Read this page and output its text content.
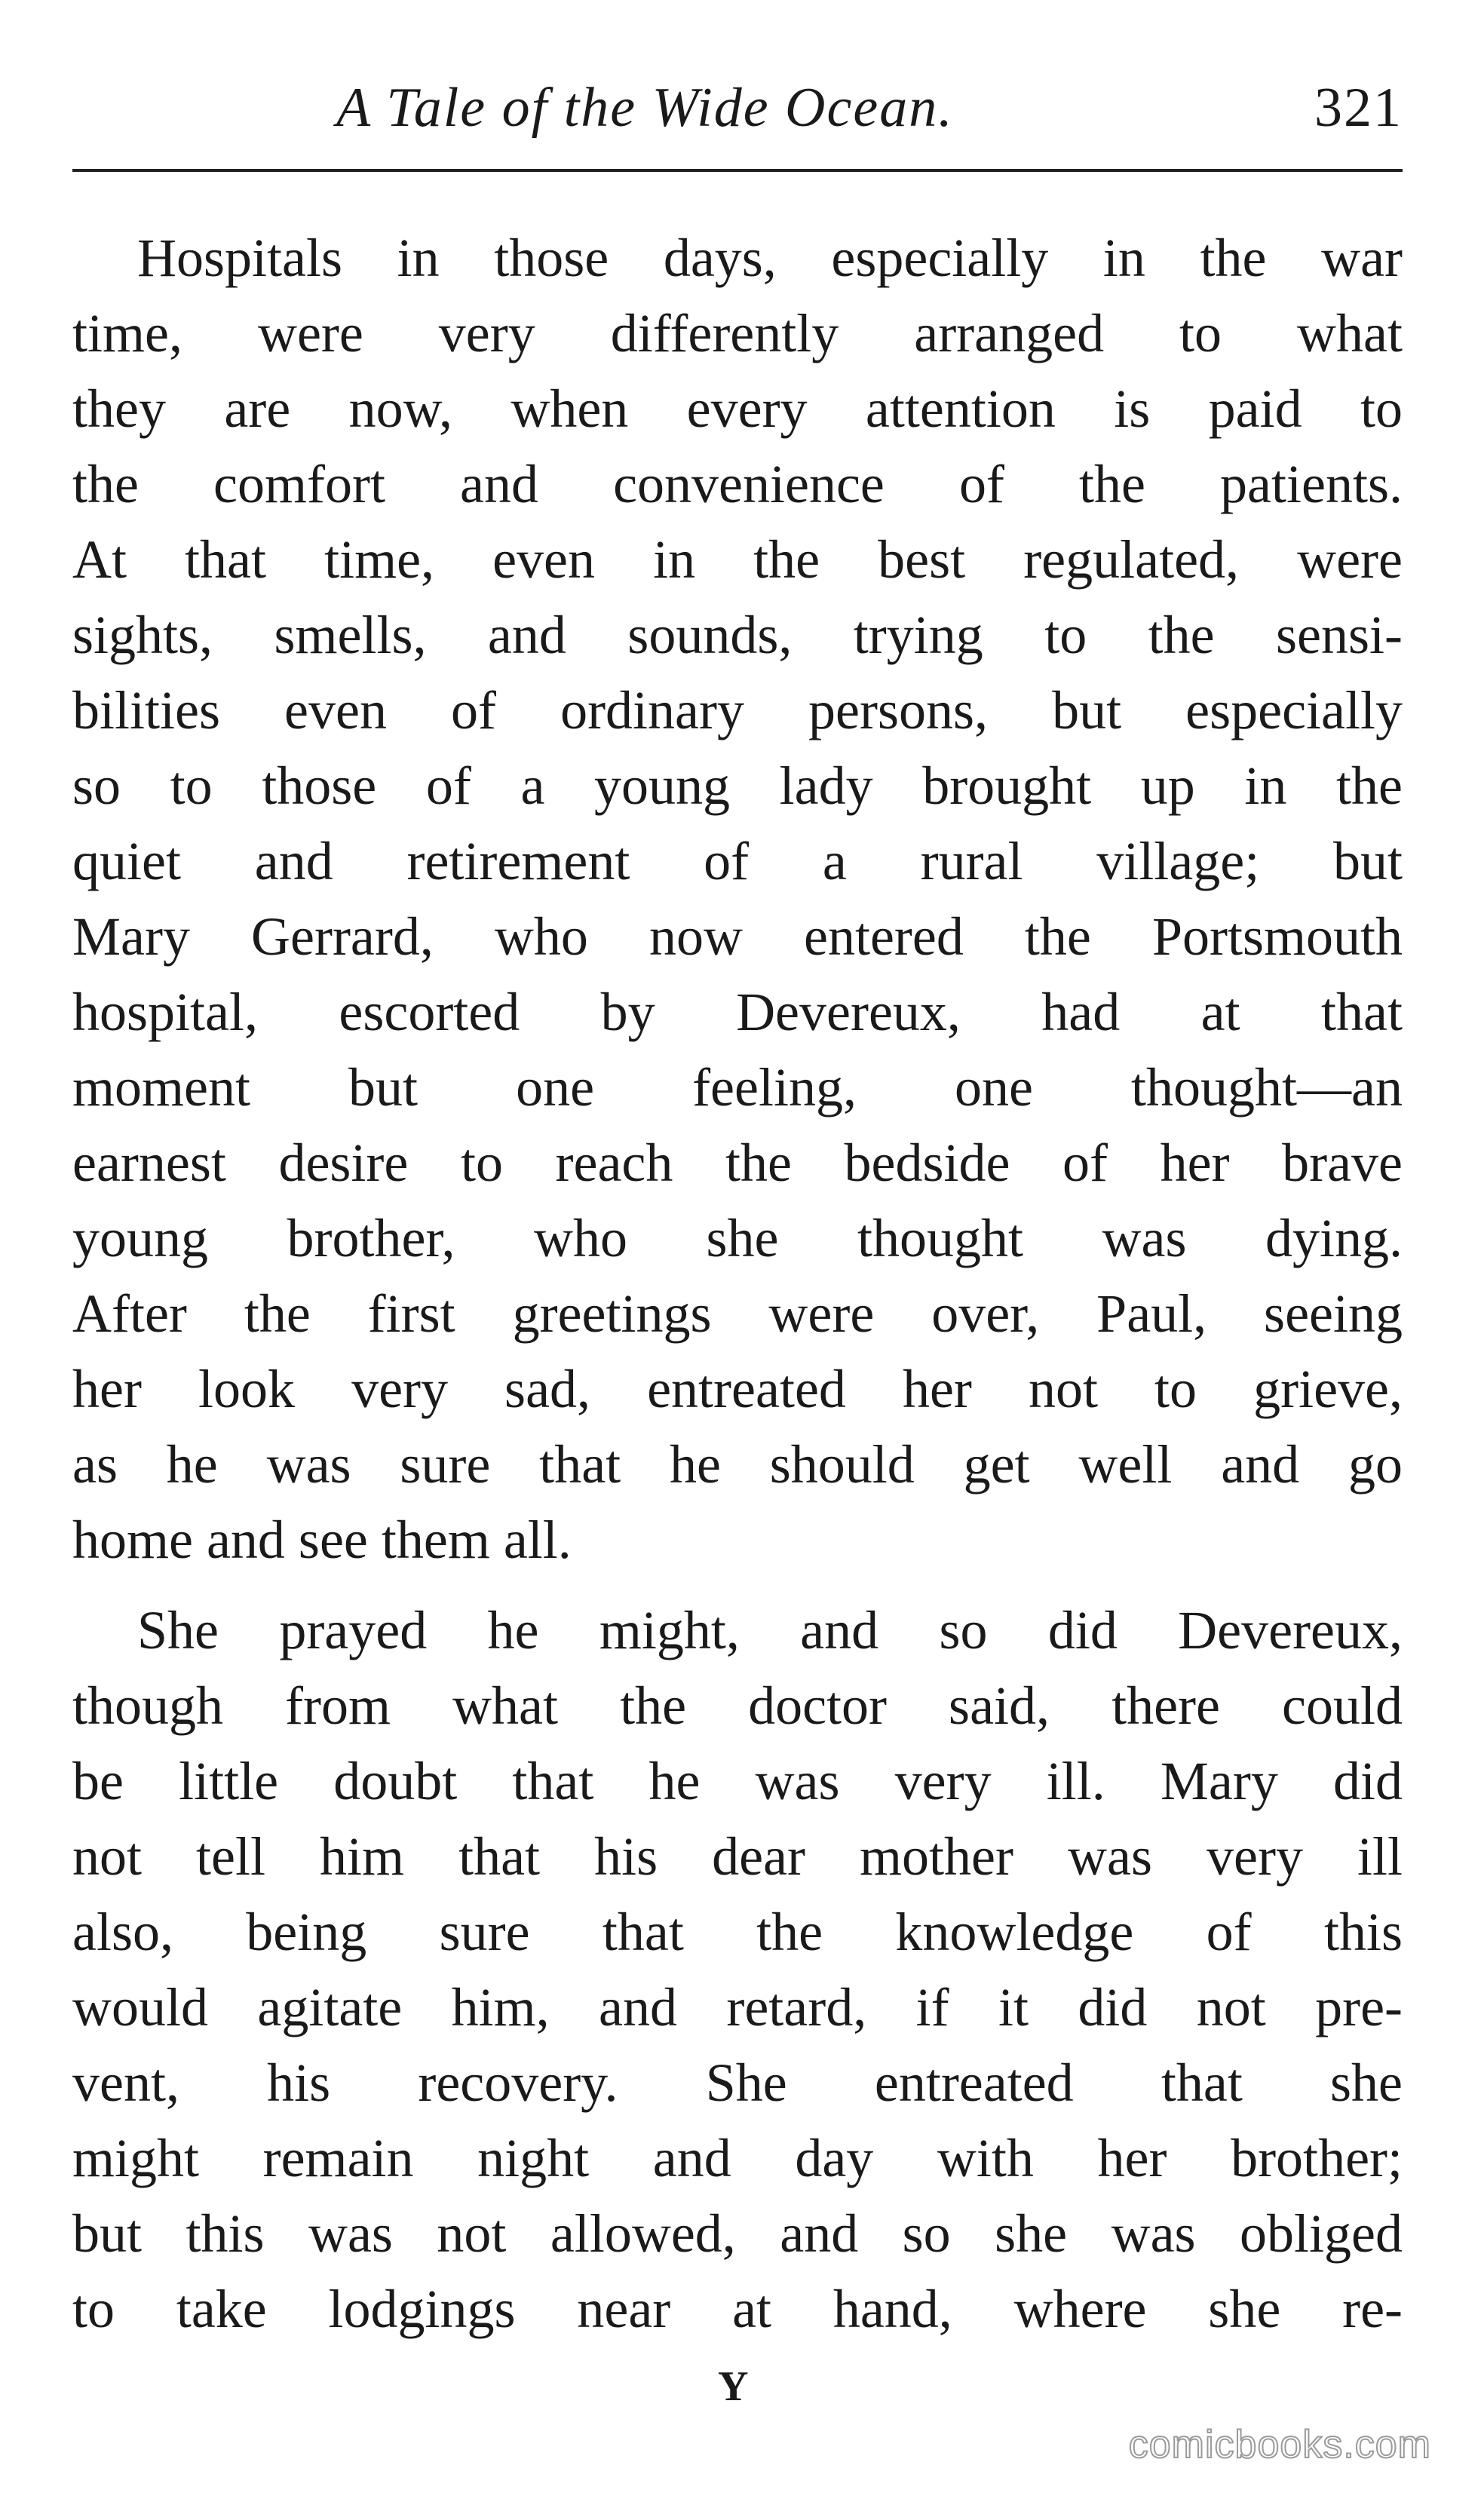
A Tale of the Wide Ocean.	321
Hospitals in those days, especially in the war
time, were very differently arranged to what
they are now, when every attention is paid to
the comfort and convenience of the patients.
At that time, even in the best regulated, were
sights, smells, and sounds, trying to the sensi-
bilities even of ordinary persons, but especially
so to those of a young lady brought up in the
quiet and retirement of a rural village; but
Mary Gerrard, who now entered the Portsmouth
hospital, escorted by Devereux, had at that
moment but one feeling, one thought—an
earnest desire to reach the bedside of her brave
young brother, who she thought was dying.
After the first greetings were over, Paul, seeing
her look very sad, entreated her not to grieve,
as he was sure that he should get well and go
home and see them all.
She prayed he might, and so did Devereux,
though from what the doctor said, there could
be little doubt that he was very ill. Mary did
not tell him that his dear mother was very ill
also, being sure that the knowledge of this
would agitate him, and retard, if it did not pre-
vent, his recovery. She entreated that she
might remain night and day with her brother;
but this was not allowed, and so she was obliged
to take lodgings near at hand, where she re-
Y
comicbooks.com
